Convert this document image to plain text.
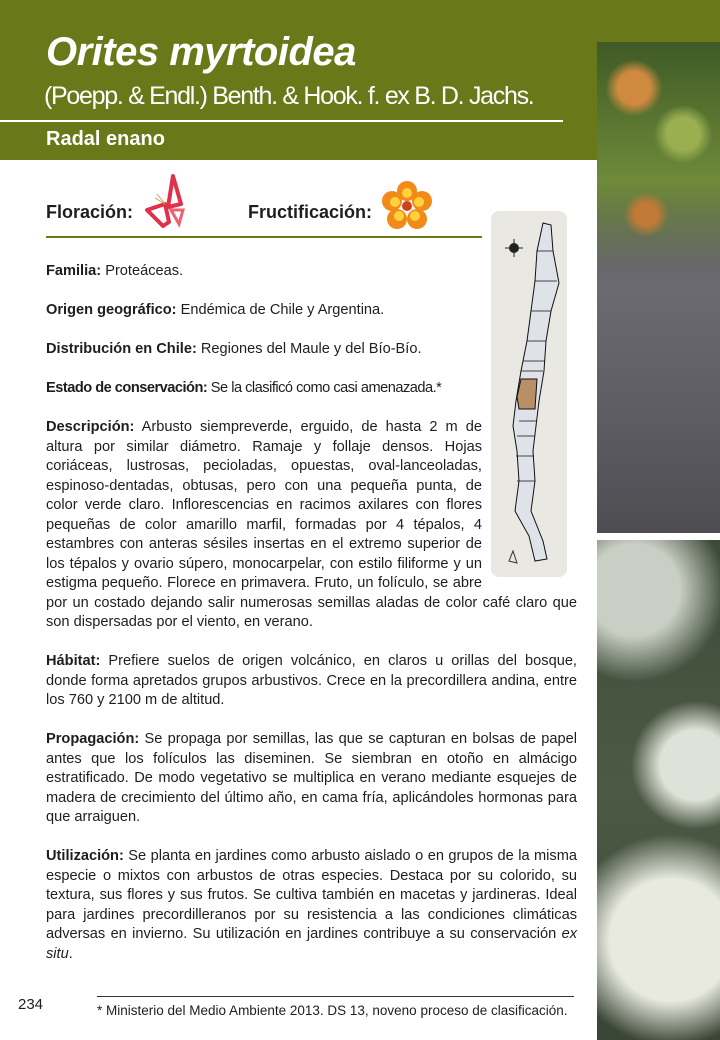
Orites myrtoidea
(Poepp. & Endl.) Benth. & Hook. f. ex B. D. Jachs.
Radal enano
Floración:	Fructificación:

Familia: Proteáceas.

Origen geográfico: Endémica de Chile y Argentina.

Distribución en Chile: Regiones del Maule y del Bío-Bío.

Estado de conservación: Se la clasificó como casi amenazada.*

Descripción: Arbusto siempreverde, erguido, de hasta 2 m de altura por similar diámetro. Ramaje y follaje densos. Hojas coriáceas, lustrosas, pecioladas, opuestas, oval-lanceoladas, espinoso-dentadas, obtusas, pero con una pequeña punta, de color verde claro. Inflorescencias en racimos axilares con flores pequeñas de color amarillo marfil, formadas por 4 tépalos, 4 estambres con anteras sésiles insertas en el extremo superior de los tépalos y ovario súpero, monocarpelar, con estilo filiforme y un estigma pequeño. Florece en primavera. Fruto, un folículo, se abre por un costado dejando salir numerosas semillas aladas de color café claro que son dispersadas por el viento, en verano.

Hábitat: Prefiere suelos de origen volcánico, en claros u orillas del bosque, donde forma apretados grupos arbustivos. Crece en la precordillera andina, entre los 760 y 2100 m de altitud.

Propagación: Se propaga por semillas, las que se capturan en bolsas de papel antes que los folículos las diseminen. Se siembran en otoño en almácigo estratificado. De modo vegetativo se multiplica en verano mediante esquejes de madera de crecimiento del último año, en cama fría, aplicándoles hormonas para que arraiguen.

Utilización: Se planta en jardines como arbusto aislado o en grupos de la misma especie o mixtos con arbustos de otras especies. Destaca por su colorido, su textura, sus flores y sus frutos. Se cultiva también en macetas y jardineras. Ideal para jardines precordilleranos por su resistencia a las condiciones climáticas adversas en invierno. Su utilización en jardines contribuye a su conservación ex situ.

234	* Ministerio del Medio Ambiente 2013. DS 13, noveno proceso de clasificación.
